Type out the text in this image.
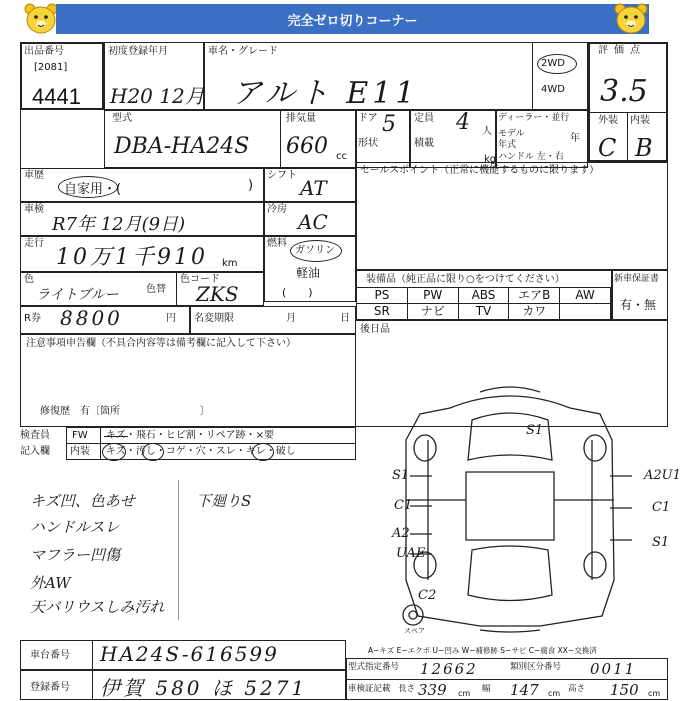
完全ゼロ切りコーナー
出品番号
[2081]
4441
初度登録年月
H20 12月
車名・グレード
アルト E11
2WD
4WD
評価点
3.5
外装 内装
C B
型式
DBA-HA24S
排気量
660 cc
ドア 5
形状
定員 4 人
積載
kg
ディーラー・並行
モデル 年式
年
ハンドル 左・右
車歴
自家用・(	)
シフト
AT
セールスポイント（正常に機能するものに限ります）
車検
R7年 12月(9日)
冷房
AC
走行
10万1千910 km
燃料
ガソリン
軽油
(　　)
色
ライトブルー	色替
色コード
ZKS
装備品（純正品に限り○をつけてください）
PS	PW	ABS	エアB	AW
SR	ナビ	TV	カワ
新車保証書
有・無
R券 8800	円 名変期限	月	日
後日品
注意事項申告欄（不具合内容等は備考欄に記入して下さい）
修復歴　有〔箇所　　　　　　　　〕
検査員
記入欄
FW キズ・飛石・ヒビ割・リペア跡・×要
内装 キズ・汚し・コゲ・穴・スレ・キレ・破し
キズ凹、色あせ
ハンドルスレ
マフラー凹傷
外AW
天バリウスしみ汚れ
下廻りS
S1
S1
C1
A2
UAE
C2
スペア
A2U1
C1
S1
A−キズ E−エクボ U−凹み W−補修跡 S−サビ C−腐食 XX−交換済
車台番号 HA24S-616599
登録番号 伊賀 580 ほ 5271
型式指定番号 12662	類別区分番号 0011
車検証記載 長さ 339 cm 幅 147 cm 高さ 150 cm
